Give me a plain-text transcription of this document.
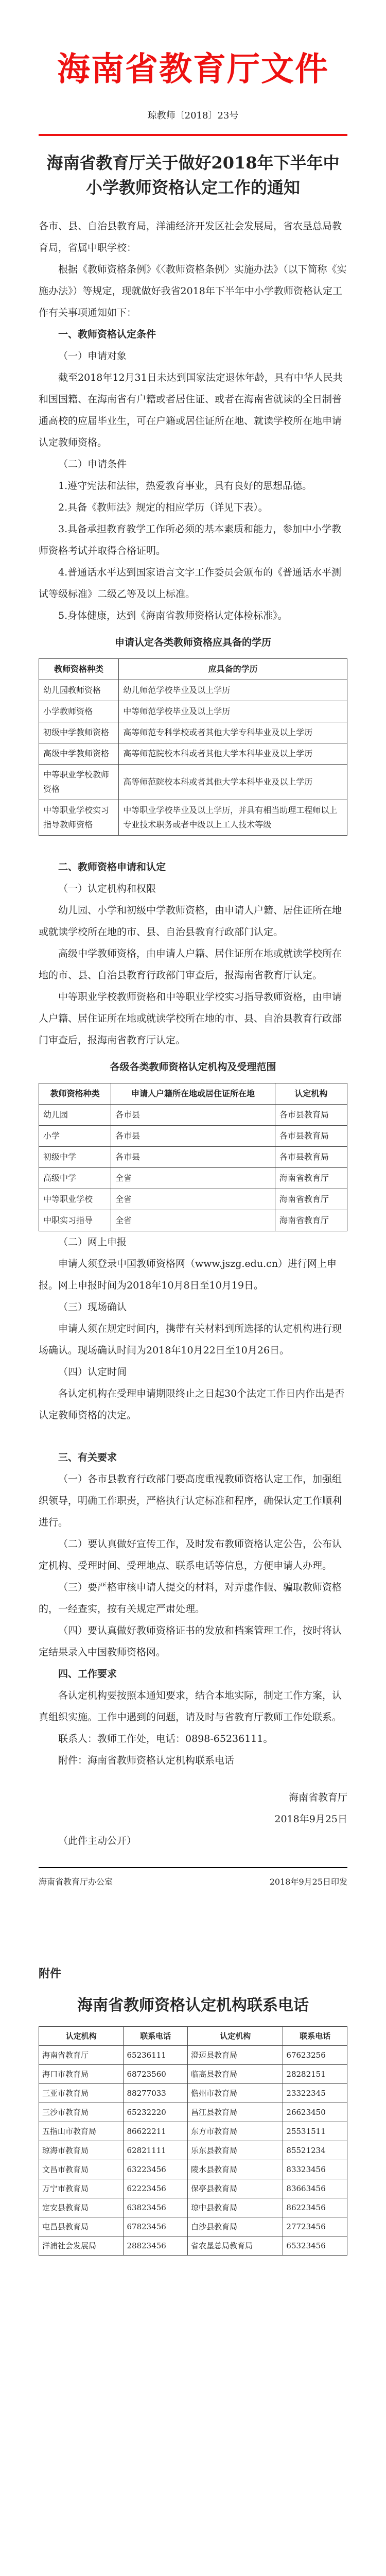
海南省教育厅文件
琼教师〔2018〕23号
海南省教育厅关于做好2018年下半年中小学教师资格认定工作的通知

各市、县、自治县教育局，洋浦经济开发区社会发展局，省农垦总局教育局，省属中职学校：

根据《教师资格条例》《〈教师资格条例〉实施办法》（以下简称《实施办法》）等规定，现就做好我省2018年下半年中小学教师资格认定工作有关事项通知如下：

一、教师资格认定条件

（一）申请对象

截至2018年12月31日未达到国家法定退休年龄，具有中华人民共和国国籍、在海南省有户籍或者居住证、或者在海南省就读的全日制普通高校的应届毕业生，可在户籍或居住证所在地、就读学校所在地申请认定教师资格。

（二）申请条件

1.遵守宪法和法律，热爱教育事业，具有良好的思想品德。

2.具备《教师法》规定的相应学历（详见下表）。

3.具备承担教育教学工作所必须的基本素质和能力，参加中小学教师资格考试并取得合格证明。

4.普通话水平达到国家语言文字工作委员会颁布的《普通话水平测试等级标准》二级乙等及以上标准。

5.身体健康，达到《海南省教师资格认定体检标准》。

申请认定各类教师资格应具备的学历
教师资格种类	应具备的学历
幼儿园教师资格	幼儿师范学校毕业及以上学历
小学教师资格	中等师范学校毕业及以上学历
初级中学教师资格	高等师范专科学校或者其他大学专科毕业及以上学历
高级中学教师资格	高等师范院校本科或者其他大学本科毕业及以上学历
中等职业学校教师资格	高等师范院校本科或者其他大学本科毕业及以上学历
中等职业学校实习指导教师资格	中等职业学校毕业及以上学历，并具有相当助理工程师以上专业技术职务或者中级以上工人技术等级

二、教师资格申请和认定

（一）认定机构和权限

幼儿园、小学和初级中学教师资格，由申请人户籍、居住证所在地或就读学校所在地的市、县、自治县教育行政部门认定。

高级中学教师资格，由申请人户籍、居住证所在地或就读学校所在地的市、县、自治县教育行政部门审查后，报海南省教育厅认定。

中等职业学校教师资格和中等职业学校实习指导教师资格，由申请人户籍、居住证所在地或就读学校所在地的市、县、自治县教育行政部门审查后，报海南省教育厅认定。

各级各类教师资格认定机构及受理范围
教师资格种类	申请人户籍所在地或居住证所在地	认定机构
幼儿园	各市县	各市县教育局
小学	各市县	各市县教育局
初级中学	各市县	各市县教育局
高级中学	全省	海南省教育厅
中等职业学校	全省	海南省教育厅
中职实习指导	全省	海南省教育厅

（二）网上申报

申请人须登录中国教师资格网（www.jszg.edu.cn）进行网上申报。网上申报时间为2018年10月8日至10月19日。

（三）现场确认

申请人须在规定时间内，携带有关材料到所选择的认定机构进行现场确认。现场确认时间为2018年10月22日至10月26日。

（四）认定时间

各认定机构在受理申请期限终止之日起30个法定工作日内作出是否认定教师资格的决定。

三、有关要求

（一）各市县教育行政部门要高度重视教师资格认定工作，加强组织领导，明确工作职责，严格执行认定标准和程序，确保认定工作顺利进行。

（二）要认真做好宣传工作，及时发布教师资格认定公告，公布认定机构、受理时间、受理地点、联系电话等信息，方便申请人办理。

（三）要严格审核申请人提交的材料，对弄虚作假、骗取教师资格的，一经查实，按有关规定严肃处理。

（四）要认真做好教师资格证书的发放和档案管理工作，按时将认定结果录入中国教师资格网。

四、工作要求

各认定机构要按照本通知要求，结合本地实际，制定工作方案，认真组织实施。工作中遇到的问题，请及时与省教育厅教师工作处联系。

联系人：教师工作处，电话：0898-65236111。

附件：海南省教师资格认定机构联系电话

海南省教育厅
2018年9月25日

（此件主动公开）

海南省教育厅办公室	2018年9月25日印发
附件
海南省教师资格认定机构联系电话
认定机构	联系电话	认定机构	联系电话
海南省教育厅	65236111	澄迈县教育局	67623256
海口市教育局	68723560	临高县教育局	28282151
三亚市教育局	88277033	儋州市教育局	23322345
三沙市教育局	65232220	昌江县教育局	26623450
五指山市教育局	86622211	东方市教育局	25531511
琼海市教育局	62821111	乐东县教育局	85521234
文昌市教育局	63223456	陵水县教育局	83323456
万宁市教育局	62223456	保亭县教育局	83663456
定安县教育局	63823456	琼中县教育局	86223456
屯昌县教育局	67823456	白沙县教育局	27723456
洋浦社会发展局	28823456	省农垦总局教育局	65323456
